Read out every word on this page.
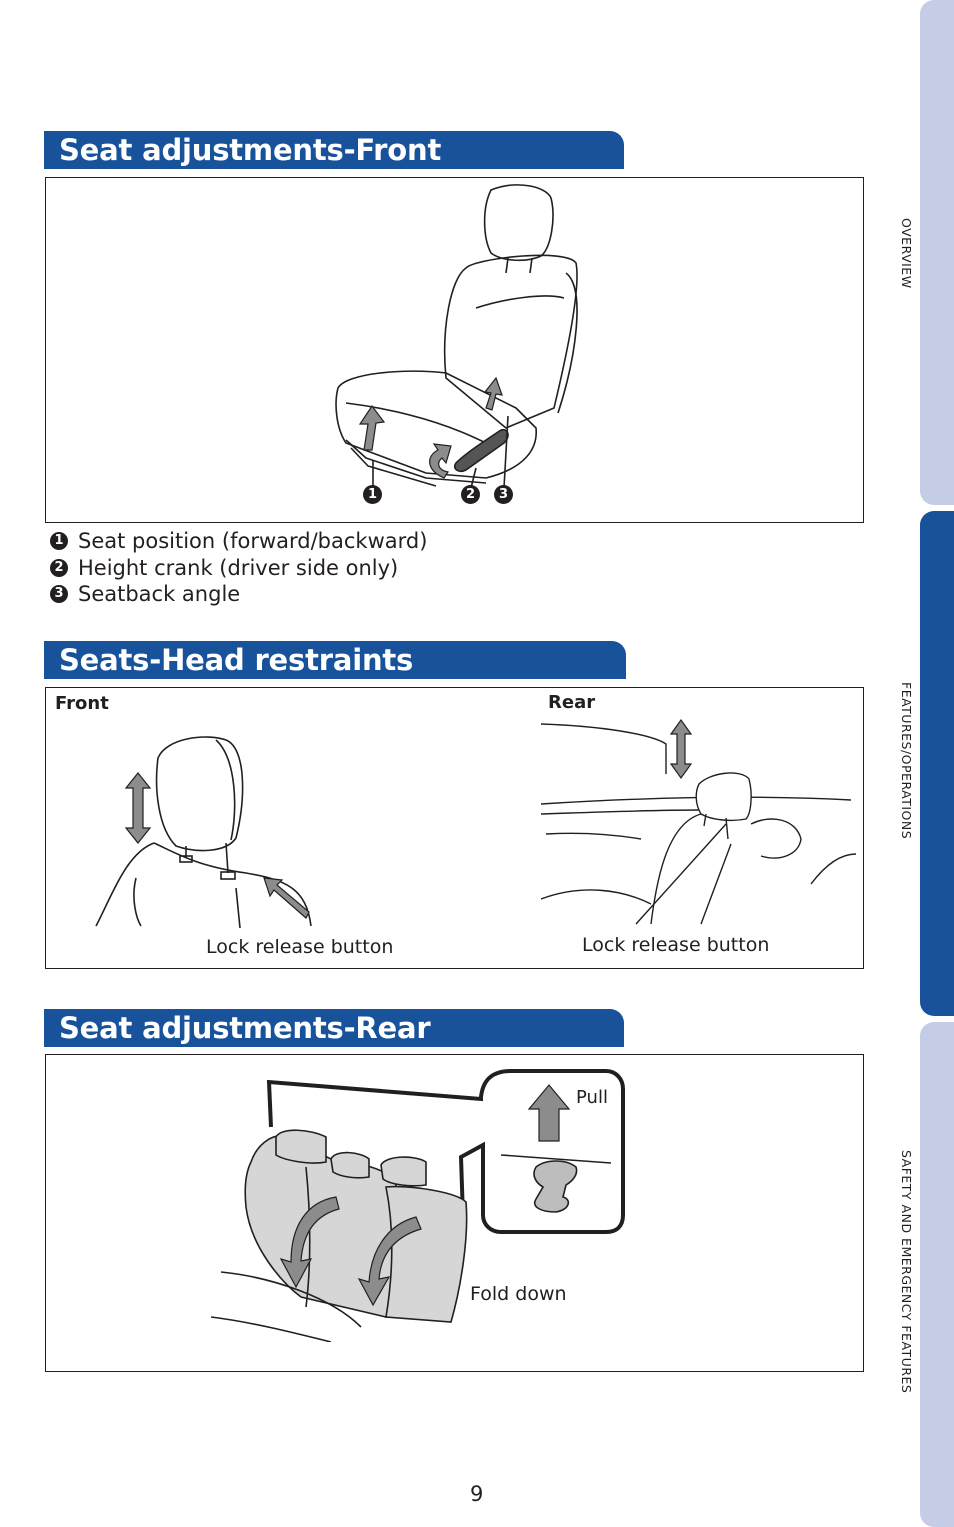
OVERVIEW
FEATURES/OPERATIONS
SAFETY AND EMERGENCY FEATURES
Seat adjustments-Front
1	2	3
1 Seat position (forward/backward)
2 Height crank (driver side only)
3 Seatback angle
Seats-Head restraints
Front	Rear
Lock release button	Lock release button
Seat adjustments-Rear
Pull
Fold down
9
